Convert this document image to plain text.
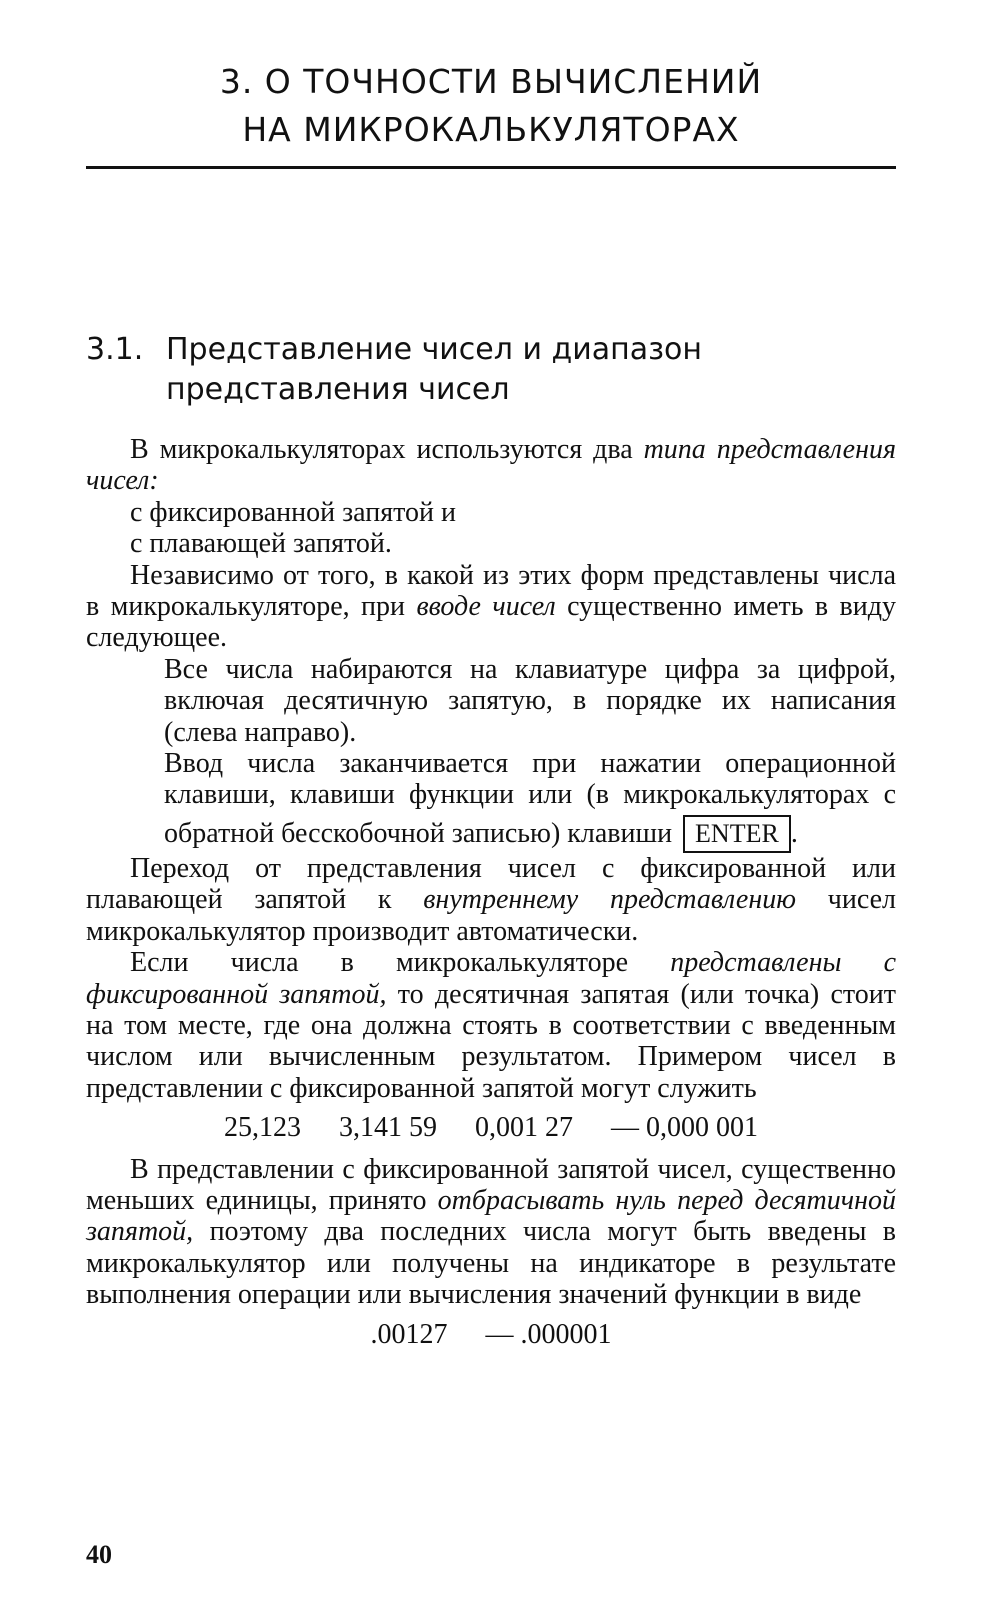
3. О ТОЧНОСТИ ВЫЧИСЛЕНИЙ
НА МИКРОКАЛЬКУЛЯТОРАХ
3.1. Представление чисел и диапазон представления чисел

В микрокалькуляторах используются два типа представления чисел:

с фиксированной запятой и
с плавающей запятой.

Независимо от того, в какой из этих форм представлены числа в микрокалькуляторе, при вводе чисел существенно иметь в виду следующее.

Все числа набираются на клавиатуре цифра за цифрой, включая десятичную запятую, в порядке их написания (слева направо).

Ввод числа заканчивается при нажатии операционной клавиши, клавиши функции или (в микрокалькуляторах с обратной бесскобочной записью) клавиши ENTER .

Переход от представления чисел с фиксированной или плавающей запятой к внутреннему представлению чисел микрокалькулятор производит автоматически.

Если числа в микрокалькуляторе представлены с фиксированной запятой, то десятичная запятая (или точка) стоит на том месте, где она должна стоять в соответствии с введенным числом или вычисленным результатом. Примером чисел в представлении с фиксированной запятой могут служить

25,123 3,141 59 0,001 27 — 0,000 001

В представлении с фиксированной запятой чисел, существенно меньших единицы, принято отбрасывать нуль перед десятичной запятой, поэтому два последних числа могут быть введены в микрокалькулятор или получены на индикаторе в результате выполнения операции или вычисления значений функции в виде

.00127 — .000001
40
